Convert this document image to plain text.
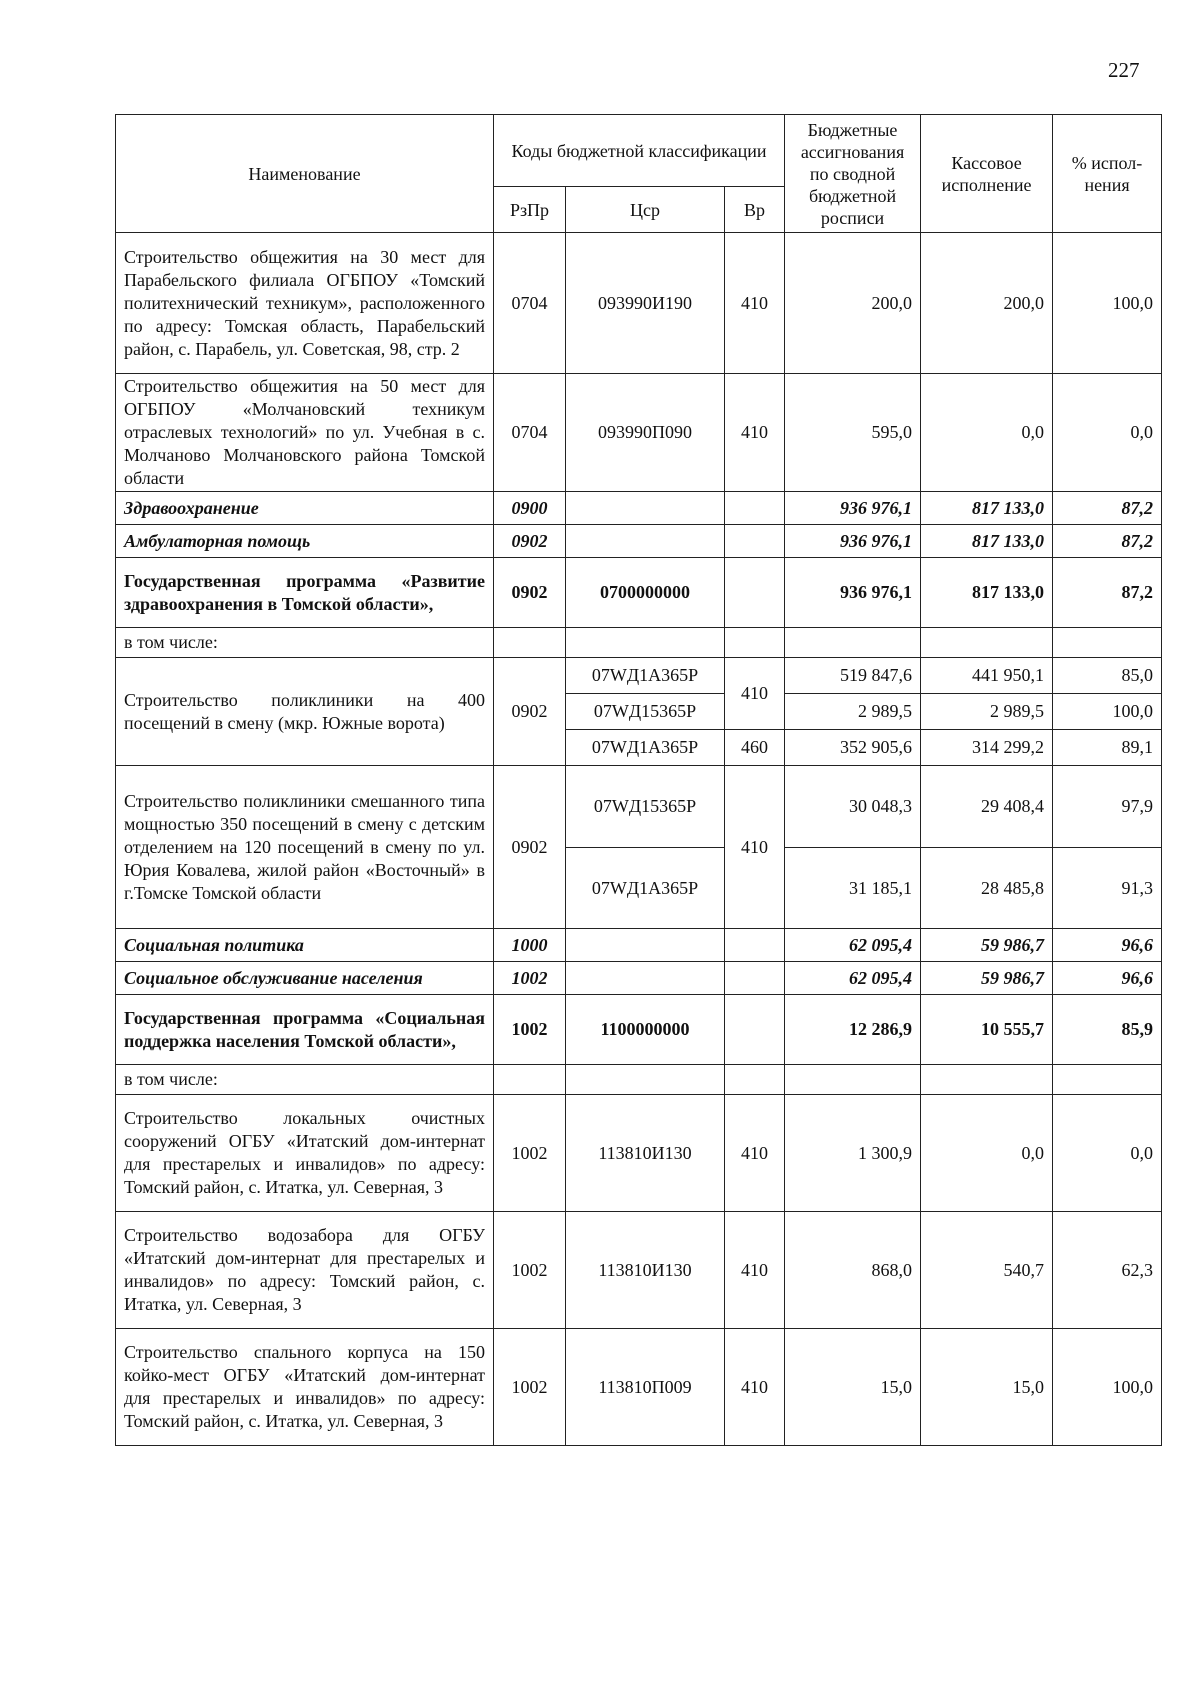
227
Наименование	Коды бюджетной классификации			Бюджетные ассигнования по сводной бюджетной росписи	Кассовое исполнение	% испол-нения
	РзПр	Цср	Вр			
Строительство общежития на 30 мест для Парабельского филиала ОГБПОУ «Томский политехнический техникум», расположенного по адресу: Томская область, Парабельский район, с. Парабель, ул. Советская, 98, стр. 2	0704	093990И190	410	200,0	200,0	100,0
Строительство общежития на 50 мест для ОГБПОУ «Молчановский техникум отраслевых технологий» по ул. Учебная в с. Молчаново Молчановского района Томской области	0704	093990П090	410	595,0	0,0	0,0
Здравоохранение	0900			936 976,1	817 133,0	87,2
Амбулаторная помощь	0902			936 976,1	817 133,0	87,2
Государственная программа «Развитие здравоохранения в Томской области»,	0902	0700000000		936 976,1	817 133,0	87,2
в том числе:						
Строительство поликлиники на 400 посещений в смену (мкр. Южные ворота)	0902	07WД1А365Р	410	519 847,6	441 950,1	85,0
		07WД15365Р		2 989,5	2 989,5	100,0
		07WД1А365Р	460	352 905,6	314 299,2	89,1
Строительство поликлиники смешанного типа мощностью 350 посещений в смену с детским отделением на 120 посещений в смену по ул. Юрия Ковалева, жилой район «Восточный» в г.Томске Томской области	0902	07WД15365Р	410	30 048,3	29 408,4	97,9
		07WД1А365Р		31 185,1	28 485,8	91,3
Социальная политика	1000			62 095,4	59 986,7	96,6
Социальное обслуживание населения	1002			62 095,4	59 986,7	96,6
Государственная программа «Социальная поддержка населения Томской области»,	1002	1100000000		12 286,9	10 555,7	85,9
в том числе:						
Строительство локальных очистных сооружений ОГБУ «Итатский дом-интернат для престарелых и инвалидов» по адресу: Томский район, с. Итатка, ул. Северная, 3	1002	113810И130	410	1 300,9	0,0	0,0
Строительство водозабора для ОГБУ «Итатский дом-интернат для престарелых и инвалидов» по адресу: Томский район, с. Итатка, ул. Северная, 3	1002	113810И130	410	868,0	540,7	62,3
Строительство спального корпуса на 150 койко-мест ОГБУ «Итатский дом-интернат для престарелых и инвалидов» по адресу: Томский район, с. Итатка, ул. Северная, 3	1002	113810П009	410	15,0	15,0	100,0
